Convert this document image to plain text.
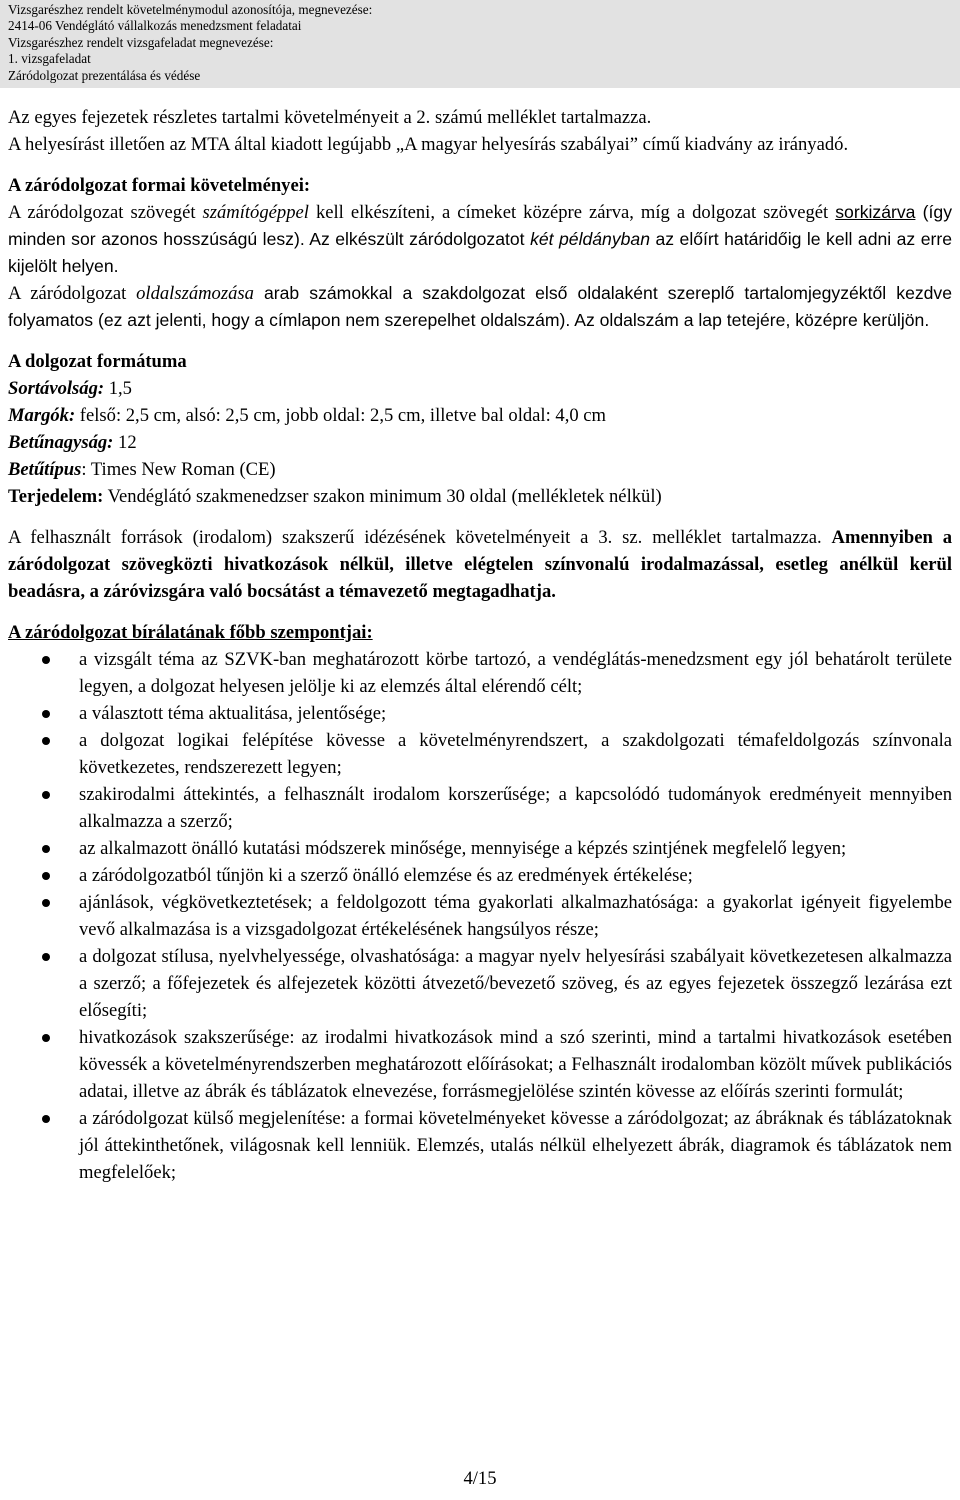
Vizsgarészhez rendelt követelménymodul azonosítója, megnevezése:
2414-06 Vendéglátó vállalkozás menedzsment feladatai
Vizsgarészhez rendelt vizsgafeladat megnevezése:
1. vizsgafeladat
Záródolgozat prezentálása és védése

Az egyes fejezetek részletes tartalmi követelményeit a 2. számú melléklet tartalmazza.

A helyesírást illetően az MTA által kiadott legújabb „A magyar helyesírás szabályai” című kiadvány az irányadó.

A záródolgozat formai követelményei:

A záródolgozat szövegét számítógéppel kell elkészíteni, a címeket középre zárva, míg a dolgozat szövegét sorkizárva (így minden sor azonos hosszúságú lesz). Az elkészült záródolgozatot két példányban az előírt határidőig le kell adni az erre kijelölt helyen.

A záródolgozat oldalszámozása arab számokkal a szakdolgozat első oldalaként szereplő tartalomjegyzéktől kezdve folyamatos (ez azt jelenti, hogy a címlapon nem szerepelhet oldalszám). Az oldalszám a lap tetejére, középre kerüljön.

A dolgozat formátuma

Sortávolság: 1,5

Margók: felső: 2,5 cm, alsó: 2,5 cm, jobb oldal: 2,5 cm, illetve bal oldal: 4,0 cm

Betűnagyság: 12

Betűtípus: Times New Roman (CE)

Terjedelem: Vendéglátó szakmenedzser szakon minimum 30 oldal (mellékletek nélkül)

A felhasznált források (irodalom) szakszerű idézésének követelményeit a 3. sz. melléklet tartalmazza. Amennyiben a záródolgozat szövegközti hivatkozások nélkül, illetve elégtelen színvonalú irodalmazással, esetleg anélkül kerül beadásra, a záróvizsgára való bocsátást a témavezető megtagadhatja.

A záródolgozat bírálatának főbb szempontjai:

a vizsgált téma az SZVK-ban meghatározott körbe tartozó, a vendéglátás-menedzsment egy jól behatárolt területe legyen, a dolgozat helyesen jelölje ki az elemzés által elérendő célt;
a választott téma aktualitása, jelentősége;
a dolgozat logikai felépítése kövesse a követelményrendszert, a szakdolgozati témafeldolgozás színvonala következetes, rendszerezett legyen;
szakirodalmi áttekintés, a felhasznált irodalom korszerűsége; a kapcsolódó tudományok eredményeit mennyiben alkalmazza a szerző;
az alkalmazott önálló kutatási módszerek minősége, mennyisége a képzés szintjének megfelelő legyen;
a záródolgozatból tűnjön ki a szerző önálló elemzése és az eredmények értékelése;
ajánlások, végkövetkeztetések; a feldolgozott téma gyakorlati alkalmazhatósága: a gyakorlat igényeit figyelembe vevő alkalmazása is a vizsgadolgozat értékelésének hangsúlyos része;
a dolgozat stílusa, nyelvhelyessége, olvashatósága: a magyar nyelv helyesírási szabályait következetesen alkalmazza a szerző; a főfejezetek és alfejezetek közötti átvezető/bevezető szöveg, és az egyes fejezetek összegző lezárása ezt elősegíti;
hivatkozások szakszerűsége: az irodalmi hivatkozások mind a szó szerinti, mind a tartalmi hivatkozások esetében kövessék a követelményrendszerben meghatározott előírásokat; a Felhasznált irodalomban közölt művek publikációs adatai, illetve az ábrák és táblázatok elnevezése, forrásmegjelölése szintén kövesse az előírás szerinti formulát;
a záródolgozat külső megjelenítése: a formai követelményeket kövesse a záródolgozat; az ábráknak és táblázatoknak jól áttekinthetőnek, világosnak kell lenniük. Elemzés, utalás nélkül elhelyezett ábrák, diagramok és táblázatok nem megfelelőek;
4/15
